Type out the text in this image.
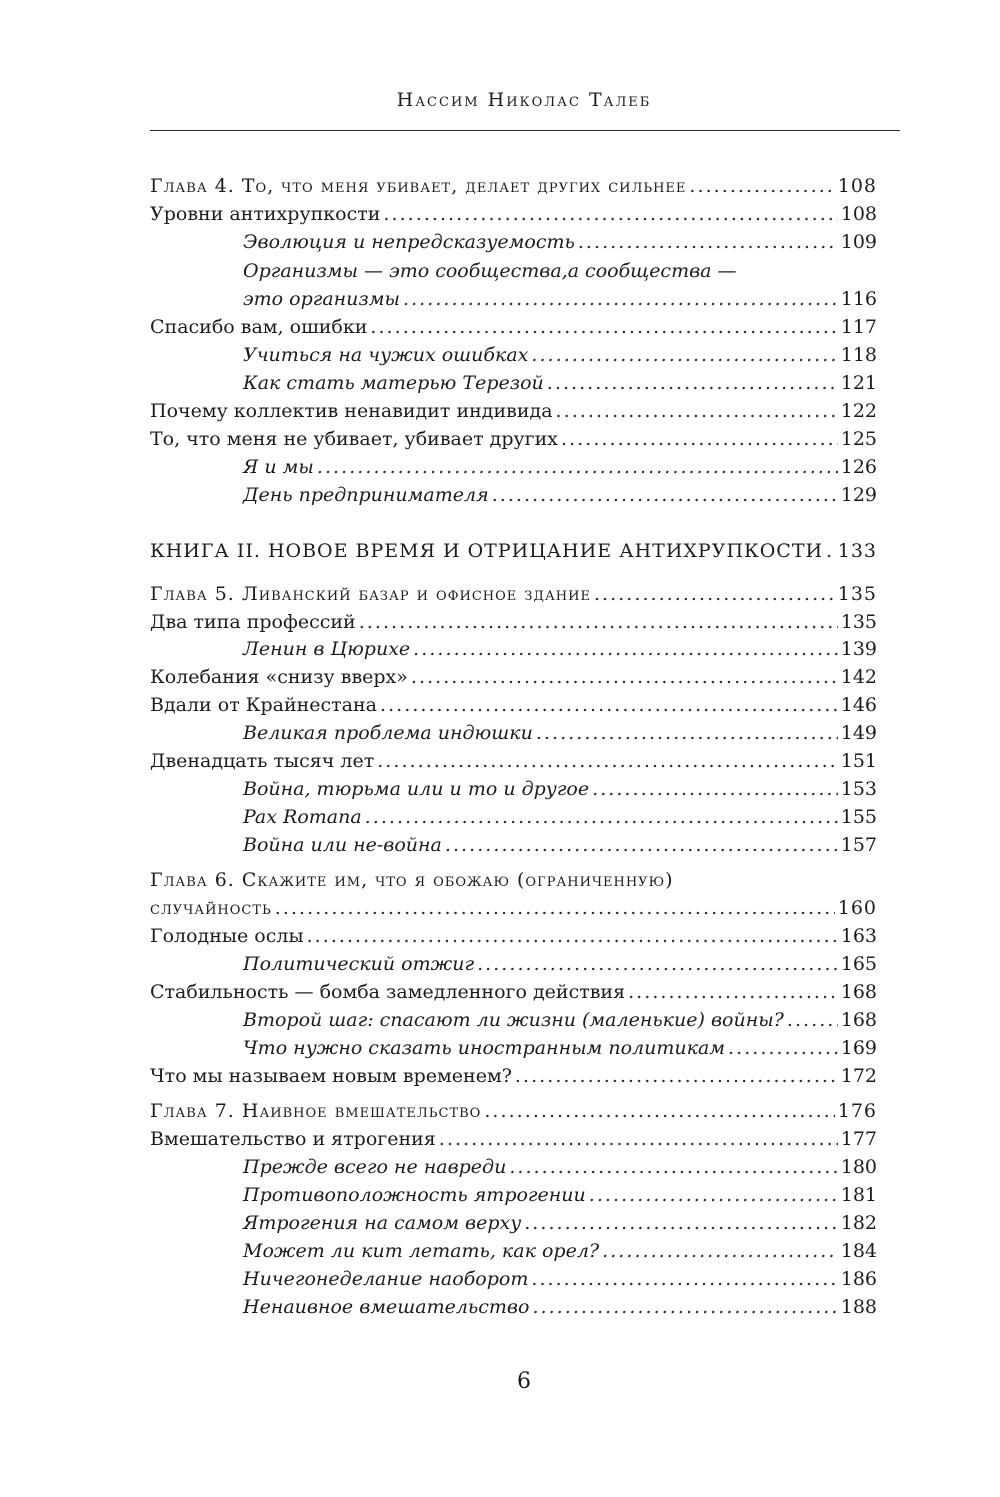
Нассим Николас Талеб
Глава 4. То, что меня убивает, делает других сильнее . . .	108
Уровни антихрупкости . . .	108
Эволюция и непредсказуемость . . .	109
Организмы — это сообщества,а сообщества —
это организмы . . .	116
Спасибо вам, ошибки . . .	117
Учиться на чужих ошибках . . .	118
Как стать матерью Терезой . . .	121
Почему коллектив ненавидит индивида . . .	122
То, что меня не убивает, убивает других . . .	125
Я и мы . . .	126
День предпринимателя . . .	129
КНИГА II. НОВОЕ ВРЕМЯ И ОТРИЦАНИЕ АНТИХРУПКОСТИ . . . 133
Глава 5. Ливанский базар и офисное здание . . .	135
Два типа профессий . . .	135
Ленин в Цюрихе . . .	139
Колебания «снизу вверх» . . .	142
Вдали от Крайнестана . . .	146
Великая проблема индюшки . . .	149
Двенадцать тысяч лет . . .	151
Война, тюрьма или и то и другое . . .	153
Pax Romana . . .	155
Война или не-война . . .	157
Глава 6. Скажите им, что я обожаю (ограниченную)
случайность . . .	160
Голодные ослы . . .	163
Политический отжиг . . .	165
Стабильность — бомба замедленного действия . . .	168
Второй шаг: спасают ли жизни (маленькие) войны? . . .	168
Что нужно сказать иностранным политикам . . .	169
Что мы называем новым временем? . . .	172
Глава 7. Наивное вмешательство . . .	176
Вмешательство и ятрогения . . .	177
Прежде всего не навреди . . .	180
Противоположность ятрогении . . .	181
Ятрогения на самом верху . . .	182
Может ли кит летать, как орел? . . .	184
Ничегонеделание наоборот . . .	186
Ненаивное вмешательство . . .	188
6
